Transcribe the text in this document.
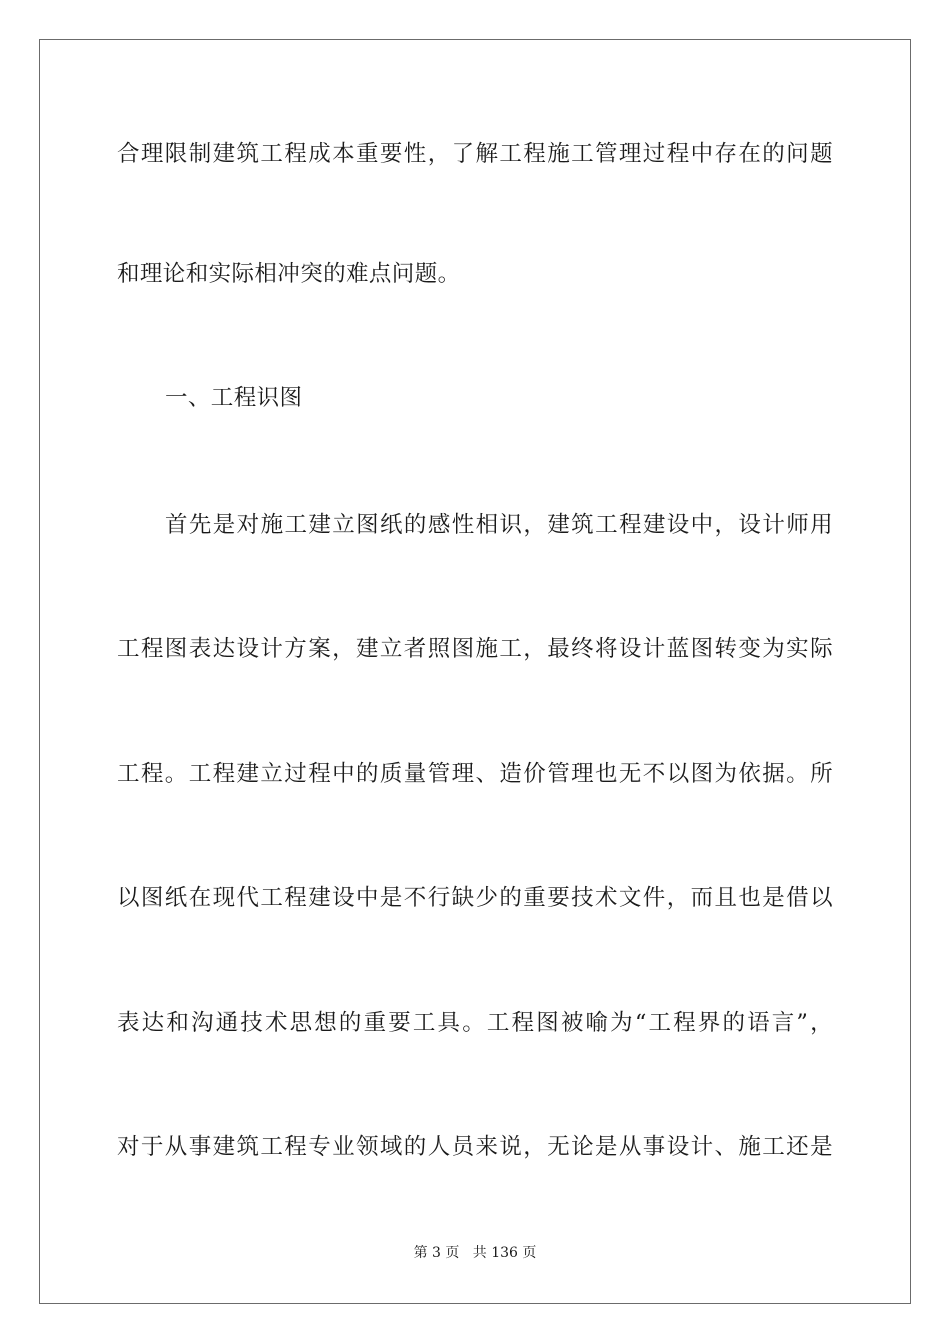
合理限制建筑工程成本重要性，了解工程施工管理过程中存在的问题
和理论和实际相冲突的难点问题。
一、工程识图
首先是对施工建立图纸的感性相识，建筑工程建设中，设计师用
工程图表达设计方案，建立者照图施工，最终将设计蓝图转变为实际
工程。工程建立过程中的质量管理、造价管理也无不以图为依据。所
以图纸在现代工程建设中是不行缺少的重要技术文件，而且也是借以
表达和沟通技术思想的重要工具。工程图被喻为“工程界的语言”，
对于从事建筑工程专业领域的人员来说，无论是从事设计、施工还是
第 3 页 共 136 页
